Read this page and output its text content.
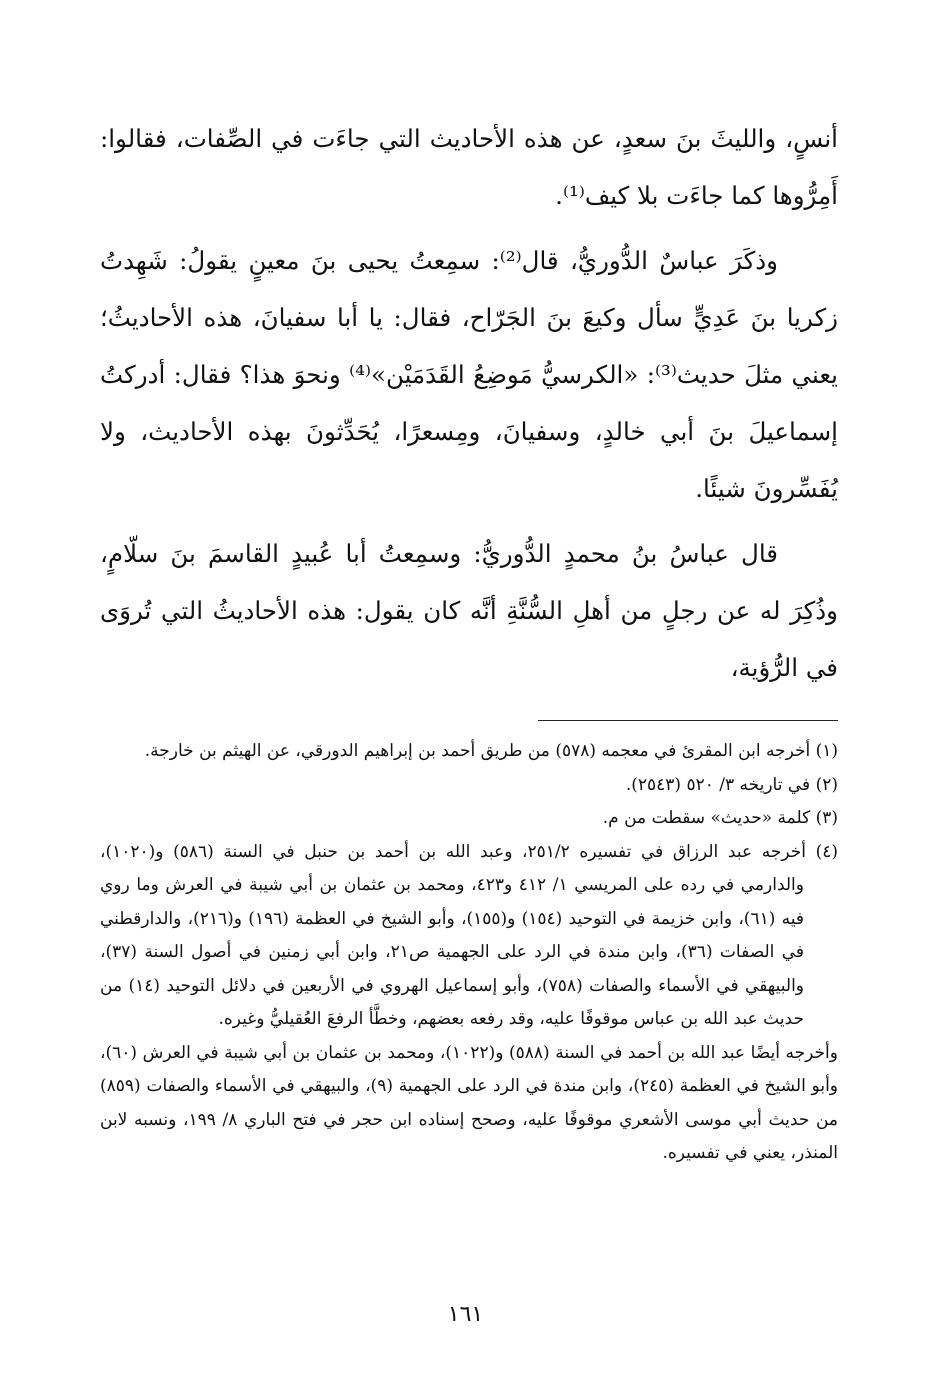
أنسٍ، والليثَ بنَ سعدٍ، عن هذه الأحاديث التي جاءَت في الصِّفات، فقالوا: أَمِرُّوها كما جاءَت بلا كيف⁽¹⁾.

وذكَرَ عباسٌ الدُّوريُّ، قال⁽²⁾: سمِعتُ يحيى بنَ معينٍ يقولُ: شَهِدتُ زكريا بنَ عَدِيٍّ سأل وكيعَ بنَ الجَرّاح، فقال: يا أبا سفيانَ، هذه الأحاديثُ؛ يعني مثلَ حديث⁽³⁾: «الكرسيُّ مَوضِعُ القَدَمَيْن»⁽⁴⁾ ونحوَ هذا؟ فقال: أدركتُ إسماعيلَ بنَ أبي خالدٍ، وسفيانَ، ومِسعرًا، يُحَدِّثونَ بهذه الأحاديث، ولا يُفَسِّرونَ شيئًا.

قال عباسُ بنُ محمدٍ الدُّوريُّ: وسمِعتُ أبا عُبيدٍ القاسمَ بنَ سلّامٍ، وذُكِرَ له عن رجلٍ من أهلِ السُّنَّةِ أنَّه كان يقول: هذه الأحاديثُ التي تُروَى في الرُّؤية،

(١) أخرجه ابن المقرئ في معجمه (٥٧٨) من طريق أحمد بن إبراهيم الدورقي، عن الهيثم بن خارجة.

(٢) في تاريخه ٣/ ٥٢٠ (٢٥٤٣).

(٣) كلمة «حديث» سقطت من م.

(٤) أخرجه عبد الرزاق في تفسيره ٢٥١/٢، وعبد الله بن أحمد بن حنبل في السنة (٥٨٦) و(١٠٢٠)، والدارمي في رده على المريسي ١/ ٤١٢ و٤٢٣، ومحمد بن عثمان بن أبي شيبة في العرش وما روي فيه (٦١)، وابن خزيمة في التوحيد (١٥٤) و(١٥٥)، وأبو الشيخ في العظمة (١٩٦) و(٢١٦)، والدارقطني في الصفات (٣٦)، وابن مندة في الرد على الجهمية ص٢١، وابن أبي زمنين في أصول السنة (٣٧)، والبيهقي في الأسماء والصفات (٧٥٨)، وأبو إسماعيل الهروي في الأربعين في دلائل التوحيد (١٤) من حديث عبد الله بن عباس موقوفًا عليه، وقد رفعه بعضهم، وخطَّأ الرفعَ العُقيليُّ وغيره.

وأخرجه أيضًا عبد الله بن أحمد في السنة (٥٨٨) و(١٠٢٢)، ومحمد بن عثمان بن أبي شيبة في العرش (٦٠)، وأبو الشيخ في العظمة (٢٤٥)، وابن مندة في الرد على الجهمية (٩)، والبيهقي في الأسماء والصفات (٨٥٩) من حديث أبي موسى الأشعري موقوفًا عليه، وصحح إسناده ابن حجر في فتح الباري ٨/ ١٩٩، ونسبه لابن المنذر، يعني في تفسيره.

١٦١
